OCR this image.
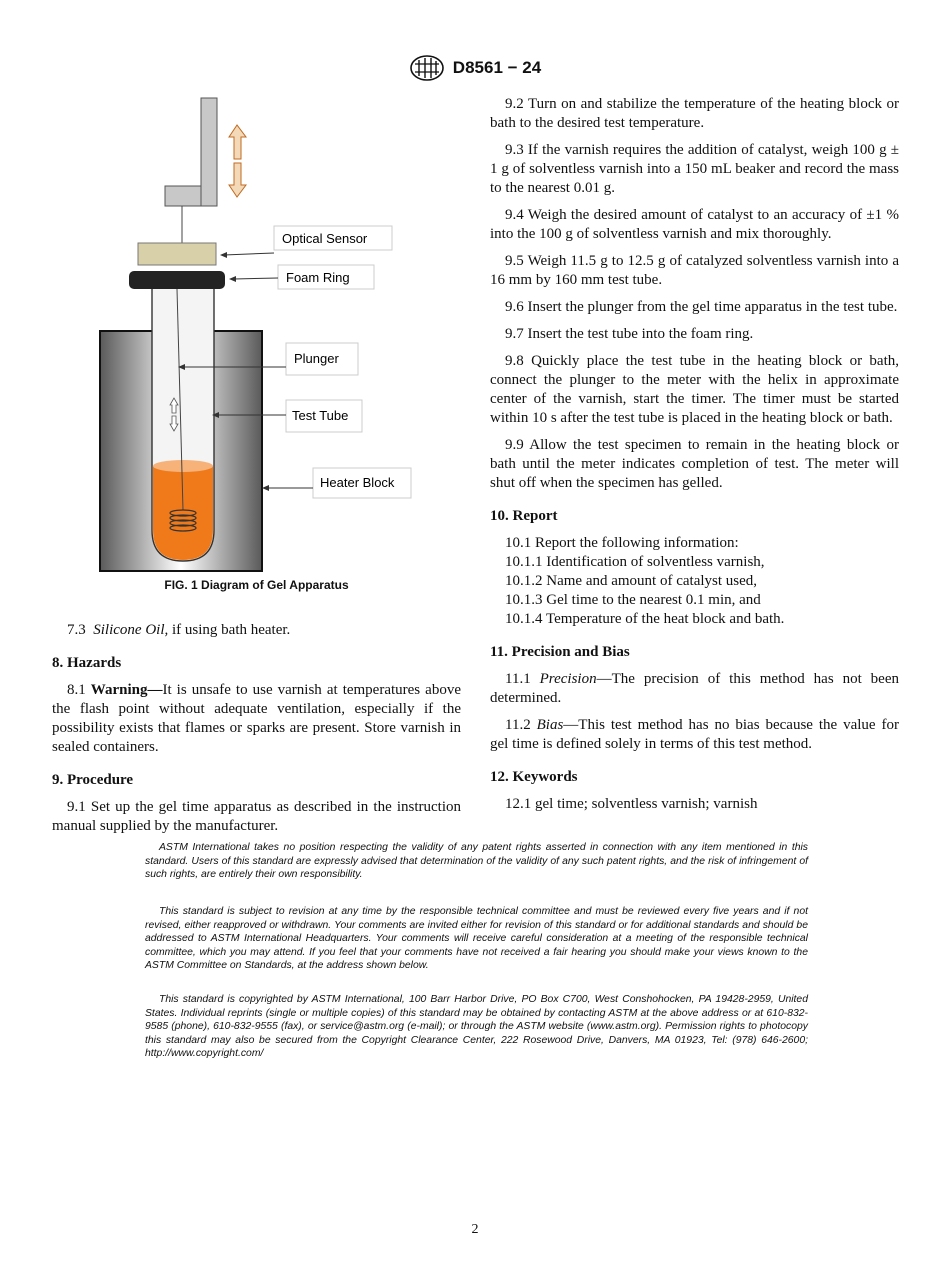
D8561 − 24
Optical Sensor
Foam Ring
Plunger
Test Tube
Heater Block
FIG. 1 Diagram of Gel Apparatus

7.3 Silicone Oil, if using bath heater.

8. Hazards

8.1 Warning—It is unsafe to use varnish at temperatures above the flash point without adequate ventilation, especially if the possibility exists that flames or sparks are present. Store varnish in sealed containers.

9. Procedure

9.1 Set up the gel time apparatus as described in the instruction manual supplied by the manufacturer.

9.2 Turn on and stabilize the temperature of the heating block or bath to the desired test temperature.

9.3 If the varnish requires the addition of catalyst, weigh 100 g ± 1 g of solventless varnish into a 150 mL beaker and record the mass to the nearest 0.01 g.

9.4 Weigh the desired amount of catalyst to an accuracy of ±1 % into the 100 g of solventless varnish and mix thoroughly.

9.5 Weigh 11.5 g to 12.5 g of catalyzed solventless varnish into a 16 mm by 160 mm test tube.

9.6 Insert the plunger from the gel time apparatus in the test tube.

9.7 Insert the test tube into the foam ring.

9.8 Quickly place the test tube in the heating block or bath, connect the plunger to the meter with the helix in approximate center of the varnish, start the timer. The timer must be started within 10 s after the test tube is placed in the heating block or bath.

9.9 Allow the test specimen to remain in the heating block or bath until the meter indicates completion of test. The meter will shut off when the specimen has gelled.

10. Report

10.1 Report the following information:

10.1.1 Identification of solventless varnish,

10.1.2 Name and amount of catalyst used,

10.1.3 Gel time to the nearest 0.1 min, and

10.1.4 Temperature of the heat block and bath.

11. Precision and Bias

11.1 Precision—The precision of this method has not been determined.

11.2 Bias—This test method has no bias because the value for gel time is defined solely in terms of this test method.

12. Keywords

12.1 gel time; solventless varnish; varnish

ASTM International takes no position respecting the validity of any patent rights asserted in connection with any item mentioned in this standard. Users of this standard are expressly advised that determination of the validity of any such patent rights, and the risk of infringement of such rights, are entirely their own responsibility.

This standard is subject to revision at any time by the responsible technical committee and must be reviewed every five years and if not revised, either reapproved or withdrawn. Your comments are invited either for revision of this standard or for additional standards and should be addressed to ASTM International Headquarters. Your comments will receive careful consideration at a meeting of the responsible technical committee, which you may attend. If you feel that your comments have not received a fair hearing you should make your views known to the ASTM Committee on Standards, at the address shown below.

This standard is copyrighted by ASTM International, 100 Barr Harbor Drive, PO Box C700, West Conshohocken, PA 19428-2959, United States. Individual reprints (single or multiple copies) of this standard may be obtained by contacting ASTM at the above address or at 610-832-9585 (phone), 610-832-9555 (fax), or service@astm.org (e-mail); or through the ASTM website (www.astm.org). Permission rights to photocopy this standard may also be secured from the Copyright Clearance Center, 222 Rosewood Drive, Danvers, MA 01923, Tel: (978) 646-2600; http://www.copyright.com/

2
